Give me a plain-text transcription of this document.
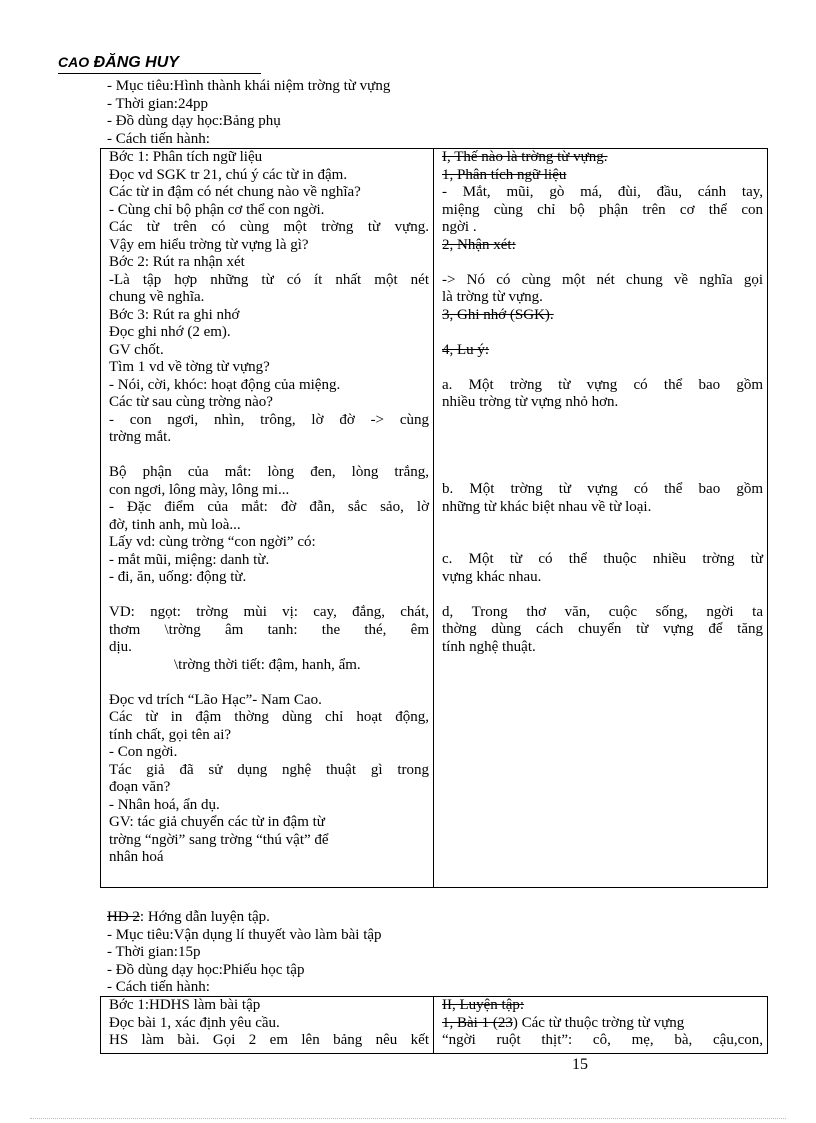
CAO ĐĂNG HUY
- Mục tiêu:Hình thành khái niệm trờng từ vựng
- Thời gian:24pp
- Đồ dùng dạy học:Bảng phụ
- Cách tiến hành:
Bớc 1: Phân tích ngữ liệu
Đọc vd SGK tr 21, chú ý các từ in đậm.
Các từ in đậm có nét chung nào về nghĩa?
- Cùng chỉ bộ phận cơ thể con ngời.
Các từ trên có cùng một trờng từ vựng.
Vậy em hiểu trờng từ vựng là gì?
Bớc 2: Rút ra nhận xét
-Là tập hợp những từ có ít nhất một nét
chung về nghĩa.
Bớc 3: Rút ra ghi nhớ
Đọc ghi nhớ (2 em).
GV chốt.
Tìm 1 vd về tờng từ vựng?
- Nói, cời, khóc: hoạt động của miệng.
Các từ sau cùng trờng nào?
- con ngơi, nhìn, trông, lờ đờ -> cùng
trờng mắt.
Bộ phận của mắt: lòng đen, lòng trắng,
con ngơi, lông mày, lông mi...
- Đặc điểm của mắt: đờ đẫn, sắc sảo, lờ
đờ, tinh anh, mù loà...
Lấy vd: cùng trờng “con ngời” có:
- mắt mũi, miệng: danh từ.
- đi, ăn, uống: động từ.
VD: ngọt: trờng mùi vị: cay, đắng, chát,
thơm \trờng âm tanh: the thé, êm
dịu.
\trờng thời tiết: đậm, hanh, ẩm.
Đọc vd trích “Lão Hạc”- Nam Cao.
Các từ in đậm thờng dùng chỉ hoạt động,
tính chất, gọi tên ai?
- Con ngời.
Tác giả đã sử dụng nghệ thuật gì trong
đoạn văn?
- Nhân hoá, ẩn dụ.
GV: tác giả chuyển các từ in đậm từ
trờng “ngời” sang trờng “thú vật” để
nhân hoá
I, Thế nào là trờng từ vựng.
1, Phân tích ngữ liệu
- Mắt, mũi, gò má, đùi, đầu, cánh tay,
miệng cùng chỉ bộ phận trên cơ thể con
ngời .
2, Nhận xét:
-> Nó có cùng một nét chung về nghĩa gọi
là trờng từ vựng.
3, Ghi nhớ (SGK).
4, Lu ý:
a. Một trờng từ vựng có thể bao gồm
nhiều trờng từ vựng nhỏ hơn.
b. Một trờng từ vựng có thể bao gồm
những từ khác biệt nhau về từ loại.
c. Một từ có thể thuộc nhiều trờng từ
vựng khác nhau.
d, Trong thơ văn, cuộc sống, ngời ta
thờng dùng cách chuyển từ vựng để tăng
tính nghệ thuật.
HĐ 2: Hớng dẫn luyện tập.
- Mục tiêu:Vận dụng lí thuyết vào làm bài tập
- Thời gian:15p
- Đồ dùng dạy học:Phiếu học tập
- Cách tiến hành:
Bớc 1:HDHS làm bài tập
Đọc bài 1, xác định yêu cầu.
HS làm bài. Gọi 2 em lên bảng nêu kết
II, Luyện tập:
1, Bài 1 (23) Các từ thuộc trờng từ vựng
“ngời ruột thịt”: cô, mẹ, bà, cậu,con,
15
